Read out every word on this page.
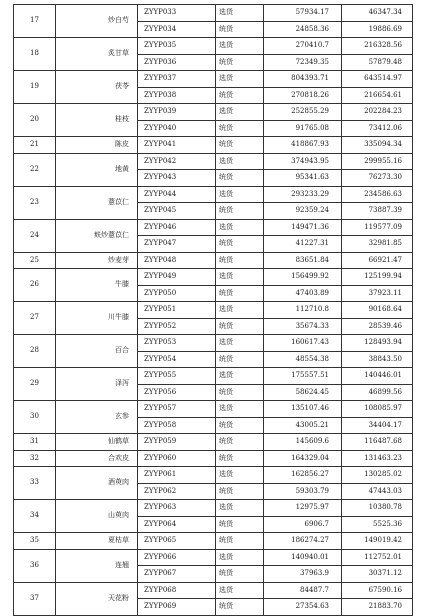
17	炒白芍	ZYYP033	选货	57934.17	46347.34
		ZYYP034	统货	24858.36	19886.69
18	炙甘草	ZYYP035	选货	270410.7	216328.56
		ZYYP036	统货	72349.35	57879.48
19	茯苓	ZYYP037	选货	804393.71	643514.97
		ZYYP038	统货	270818.26	216654.61
20	桂枝	ZYYP039	选货	252855.29	202284.23
		ZYYP040	统货	91765.08	73412.06
21	陈皮	ZYYP041	统货	418867.93	335094.34
22	地黄	ZYYP042	选货	374943.95	299955.16
		ZYYP043	统货	95341.63	76273.30
23	薏苡仁	ZYYP044	选货	293233.29	234586.63
		ZYYP045	统货	92359.24	73887.39
24	麸炒薏苡仁	ZYYP046	选货	149471.36	119577.09
		ZYYP047	统货	41227.31	32981.85
25	炒麦芽	ZYYP048	统货	83651.84	66921.47
26	牛膝	ZYYP049	选货	156499.92	125199.94
		ZYYP050	统货	47403.89	37923.11
27	川牛膝	ZYYP051	选货	112710.8	90168.64
		ZYYP052	统货	35674.33	28539.46
28	百合	ZYYP053	选货	160617.43	128493.94
		ZYYP054	统货	48554.38	38843.50
29	泽泻	ZYYP055	选货	175557.51	140446.01
		ZYYP056	统货	58624.45	46899.56
30	玄参	ZYYP057	选货	135107.46	108085.97
		ZYYP058	统货	43005.21	34404.17
31	仙鹤草	ZYYP059	统货	145609.6	116487.68
32	合欢皮	ZYYP060	统货	164329.04	131463.23
33	酒萸肉	ZYYP061	选货	162856.27	130285.02
		ZYYP062	统货	59303.79	47443.03
34	山萸肉	ZYYP063	选货	12975.97	10380.78
		ZYYP064	统货	6906.7	5525.36
35	夏枯草	ZYYP065	统货	186274.27	149019.42
36	连翘	ZYYP066	选货	140940.01	112752.01
		ZYYP067	统货	37963.9	30371.12
37	天花粉	ZYYP068	选货	84487.7	67590.16
		ZYYP069	统货	27354.63	21883.70
